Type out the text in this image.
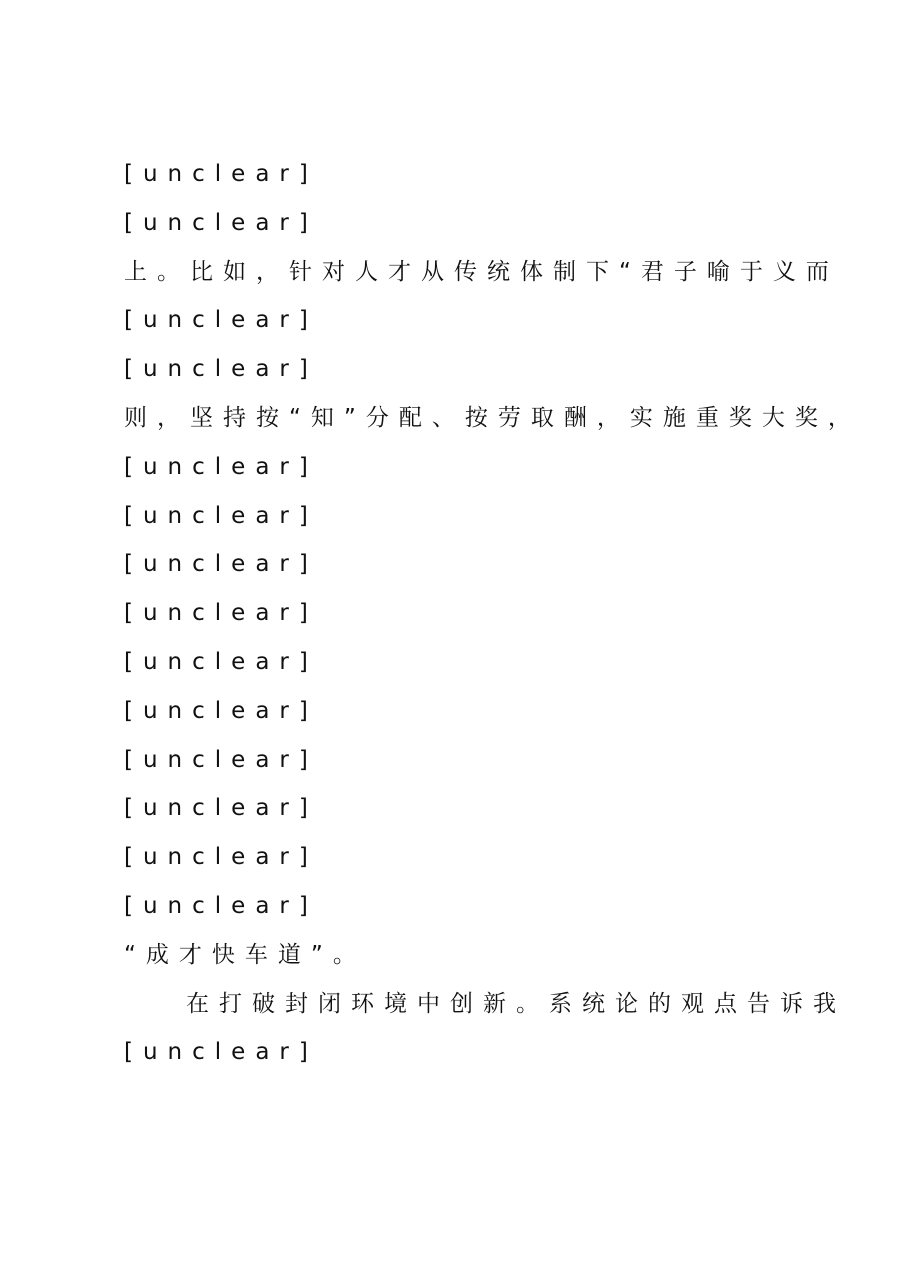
[unclear]
[unclear]
上。比如，针对人才从传统体制下“君子喻于义而
[unclear]
[unclear]
则，坚持按“知”分配、按劳取酬，实施重奖大奖，
[unclear]
[unclear]
[unclear]
[unclear]
[unclear]
[unclear]
[unclear]
[unclear]
[unclear]
[unclear]
“成才快车道”。
在打破封闭环境中创新。系统论的观点告诉我
[unclear]
